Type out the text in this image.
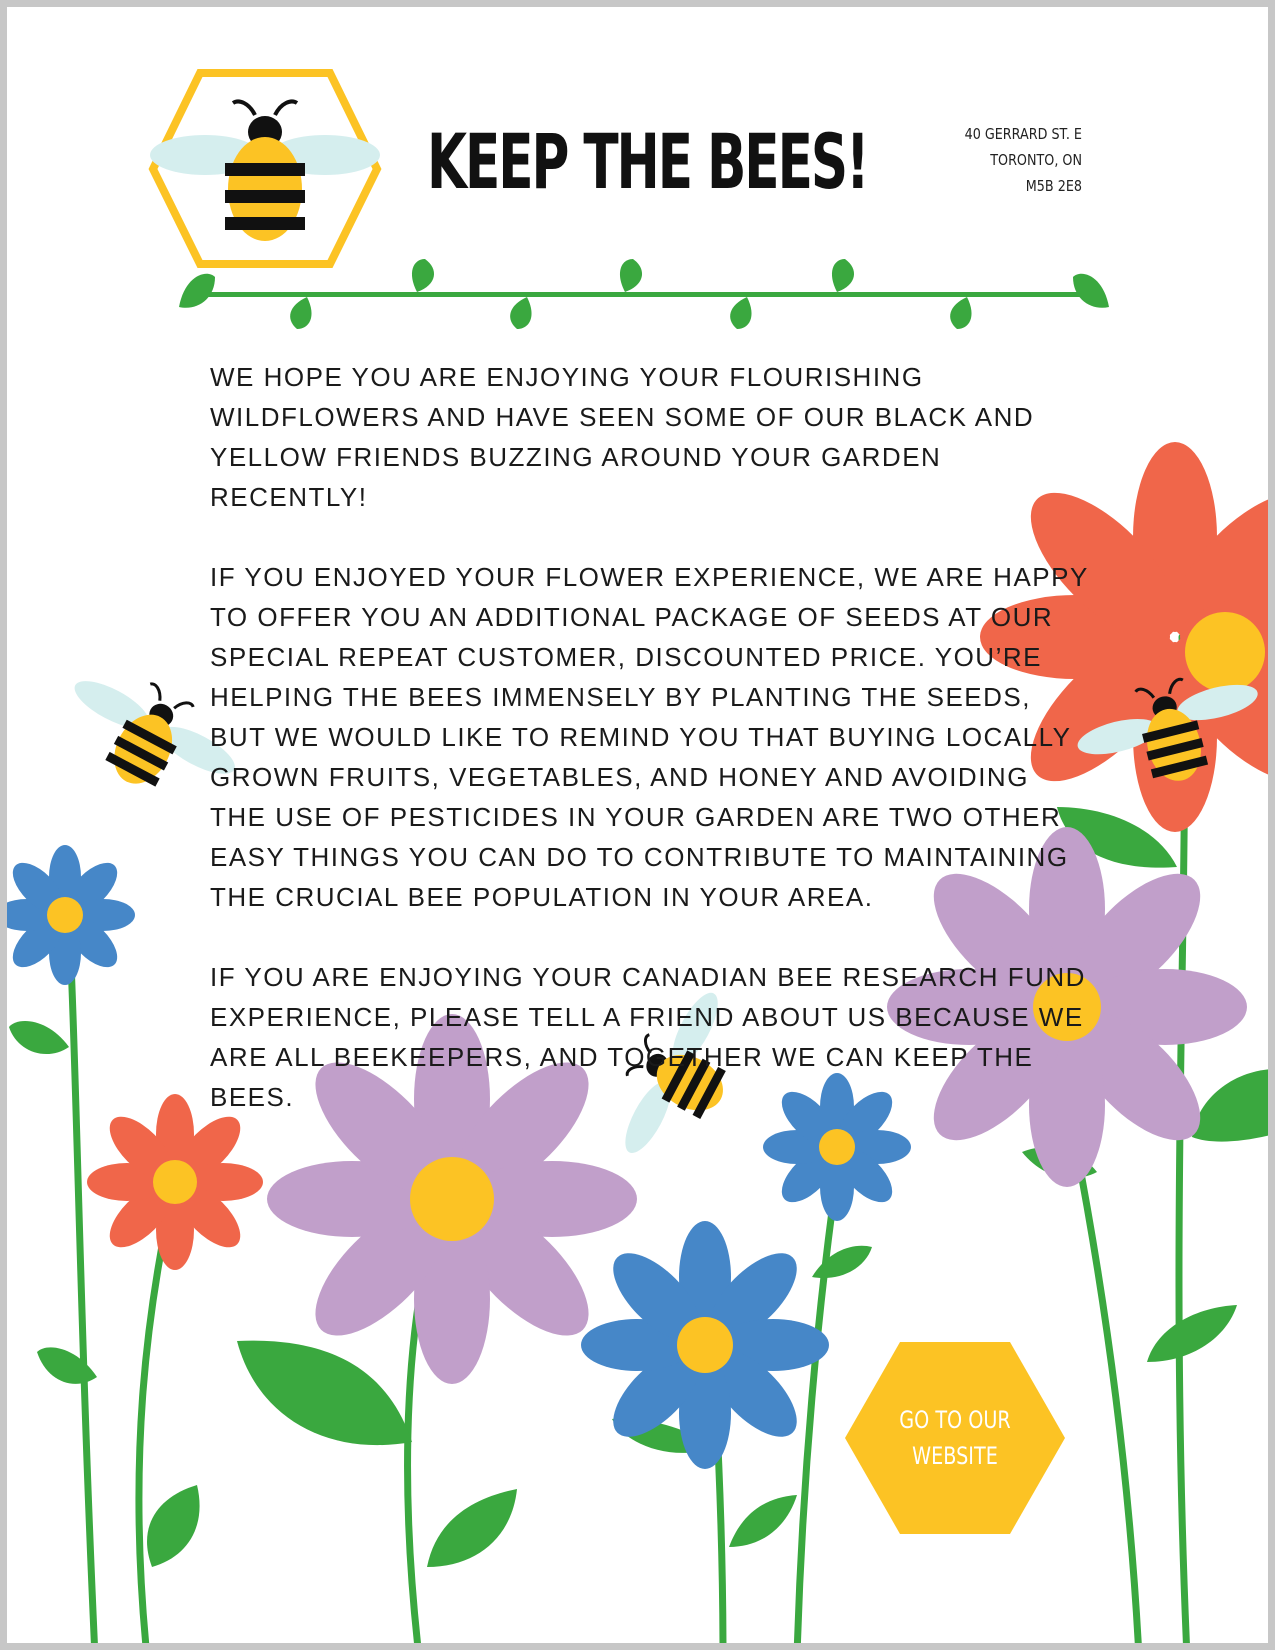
KEEP THE BEES!	40 GERRARD ST. E
TORONTO, ON
M5B 2E8

WE HOPE YOU ARE ENJOYING YOUR FLOURISHING WILDFLOWERS AND HAVE SEEN SOME OF OUR BLACK AND YELLOW FRIENDS BUZZING AROUND YOUR GARDEN RECENTLY!

IF YOU ENJOYED YOUR FLOWER EXPERIENCE, WE ARE HAPPY TO OFFER YOU AN ADDITIONAL PACKAGE OF SEEDS AT OUR SPECIAL REPEAT CUSTOMER, DISCOUNTED PRICE. YOU’RE HELPING THE BEES IMMENSELY BY PLANTING THE SEEDS, BUT WE WOULD LIKE TO REMIND YOU THAT BUYING LOCALLY GROWN FRUITS, VEGETABLES, AND HONEY AND AVOIDING THE USE OF PESTICIDES IN YOUR GARDEN ARE TWO OTHER EASY THINGS YOU CAN DO TO CONTRIBUTE TO MAINTAINING THE CRUCIAL BEE POPULATION IN YOUR AREA.

IF YOU ARE ENJOYING YOUR CANADIAN BEE RESEARCH FUND EXPERIENCE, PLEASE TELL A FRIEND ABOUT US BECAUSE WE ARE ALL BEEKEEPERS, AND TOGETHER WE CAN KEEP THE BEES.

GO TO OUR WEBSITE
